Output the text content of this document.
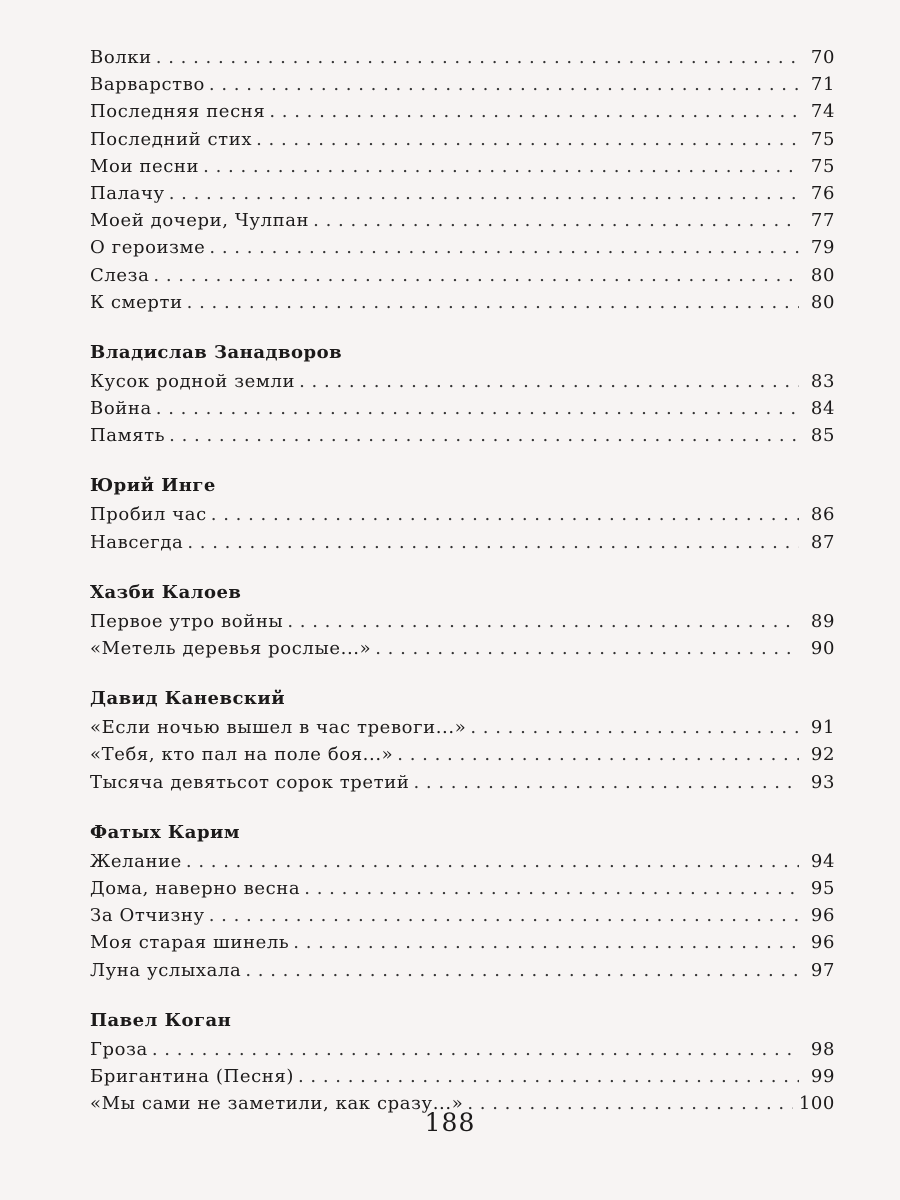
Волки . . .	70
Варварство . . .	71
Последняя песня . . .	74
Последний стих . . .	75
Мои песни . . .	75
Палачу . . .	76
Моей дочери, Чулпан . . .	77
О героизме . . .	79
Слеза . . .	80
К смерти . . .	80
Владислав Занадворов
Кусок родной земли . . .	83
Война . . .	84
Память . . .	85
Юрий Инге
Пробил час . . .	86
Навсегда . . .	87
Хазби Калоев
Первое утро войны . . .	89
«Метель деревья рослые...» . . .	90
Давид Каневский
«Если ночью вышел в час тревоги...» . . .	91
«Тебя, кто пал на поле боя...» . . .	92
Тысяча девятьсот сорок третий . . .	93
Фатых Карим
Желание . . .	94
Дома, наверно весна . . .	95
За Отчизну . . .	96
Моя старая шинель . . .	96
Луна услыхала . . .	97
Павел Коган
Гроза . . .	98
Бригантина (Песня) . . .	99
«Мы сами не заметили, как сразу...» . . .	100
188
